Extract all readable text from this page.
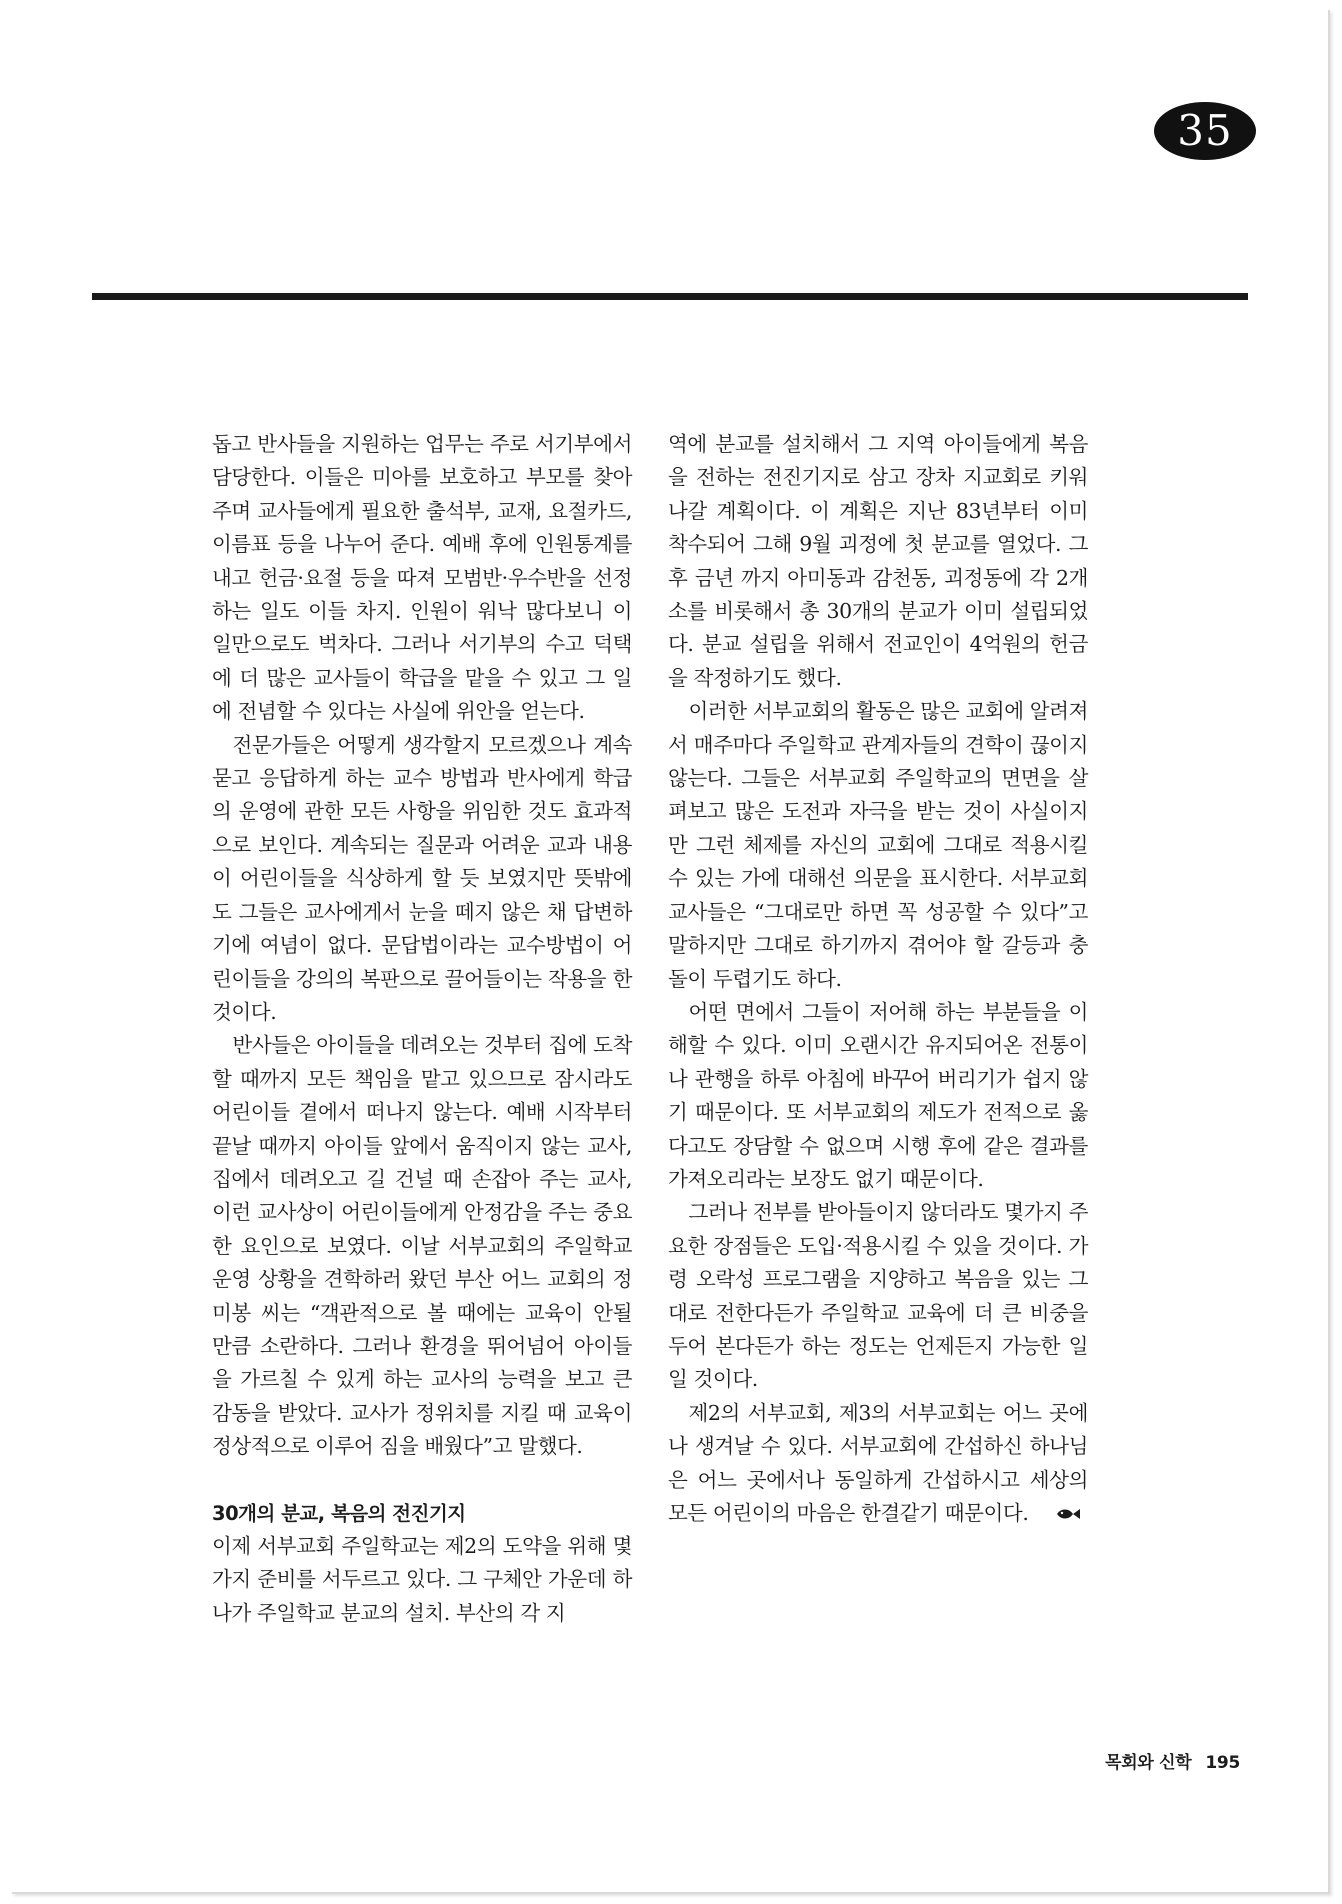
35

돕고 반사들을 지원하는 업무는 주로 서기부에서 담당한다. 이들은 미아를 보호하고 부모를 찾아 주며 교사들에게 필요한 출석부, 교재, 요절카드, 이름표 등을 나누어 준다. 예배 후에 인원통계를 내고 헌금·요절 등을 따져 모범반·우수반을 선정하는 일도 이들 차지. 인원이 워낙 많다보니 이 일만으로도 벅차다. 그러나 서기부의 수고 덕택에 더 많은 교사들이 학급을 맡을 수 있고 그 일에 전념할 수 있다는 사실에 위안을 얻는다.

전문가들은 어떻게 생각할지 모르겠으나 계속 묻고 응답하게 하는 교수 방법과 반사에게 학급의 운영에 관한 모든 사항을 위임한 것도 효과적으로 보인다. 계속되는 질문과 어려운 교과 내용이 어린이들을 식상하게 할 듯 보였지만 뜻밖에도 그들은 교사에게서 눈을 떼지 않은 채 답변하기에 여념이 없다. 문답법이라는 교수방법이 어린이들을 강의의 복판으로 끌어들이는 작용을 한 것이다.

반사들은 아이들을 데려오는 것부터 집에 도착할 때까지 모든 책임을 맡고 있으므로 잠시라도 어린이들 곁에서 떠나지 않는다. 예배 시작부터 끝날 때까지 아이들 앞에서 움직이지 않는 교사, 집에서 데려오고 길 건널 때 손잡아 주는 교사, 이런 교사상이 어린이들에게 안정감을 주는 중요한 요인으로 보였다. 이날 서부교회의 주일학교 운영 상황을 견학하러 왔던 부산 어느 교회의 정미봉 씨는 “객관적으로 볼 때에는 교육이 안될 만큼 소란하다. 그러나 환경을 뛰어넘어 아이들을 가르칠 수 있게 하는 교사의 능력을 보고 큰 감동을 받았다. 교사가 정위치를 지킬 때 교육이 정상적으로 이루어 짐을 배웠다”고 말했다.

30개의 분교, 복음의 전진기지

이제 서부교회 주일학교는 제2의 도약을 위해 몇가지 준비를 서두르고 있다. 그 구체안 가운데 하나가 주일학교 분교의 설치. 부산의 각 지

역에 분교를 설치해서 그 지역 아이들에게 복음을 전하는 전진기지로 삼고 장차 지교회로 키워나갈 계획이다. 이 계획은 지난 83년부터 이미 착수되어 그해 9월 괴정에 첫 분교를 열었다. 그 후 금년 까지 아미동과 감천동, 괴정동에 각 2개소를 비롯해서 총 30개의 분교가 이미 설립되었다. 분교 설립을 위해서 전교인이 4억원의 헌금을 작정하기도 했다.

이러한 서부교회의 활동은 많은 교회에 알려져서 매주마다 주일학교 관계자들의 견학이 끊이지 않는다. 그들은 서부교회 주일학교의 면면을 살펴보고 많은 도전과 자극을 받는 것이 사실이지만 그런 체제를 자신의 교회에 그대로 적용시킬 수 있는 가에 대해선 의문을 표시한다. 서부교회 교사들은 “그대로만 하면 꼭 성공할 수 있다”고 말하지만 그대로 하기까지 겪어야 할 갈등과 충돌이 두렵기도 하다.

어떤 면에서 그들이 저어해 하는 부분들을 이해할 수 있다. 이미 오랜시간 유지되어온 전통이나 관행을 하루 아침에 바꾸어 버리기가 쉽지 않기 때문이다. 또 서부교회의 제도가 전적으로 옳다고도 장담할 수 없으며 시행 후에 같은 결과를 가져오리라는 보장도 없기 때문이다.

그러나 전부를 받아들이지 않더라도 몇가지 주요한 장점들은 도입·적용시킬 수 있을 것이다. 가령 오락성 프로그램을 지양하고 복음을 있는 그대로 전한다든가 주일학교 교육에 더 큰 비중을 두어 본다든가 하는 정도는 언제든지 가능한 일일 것이다.

제2의 서부교회, 제3의 서부교회는 어느 곳에나 생겨날 수 있다. 서부교회에 간섭하신 하나님은 어느 곳에서나 동일하게 간섭하시고 세상의 모든 어린이의 마음은 한결같기 때문이다.

목회와 신학 195
